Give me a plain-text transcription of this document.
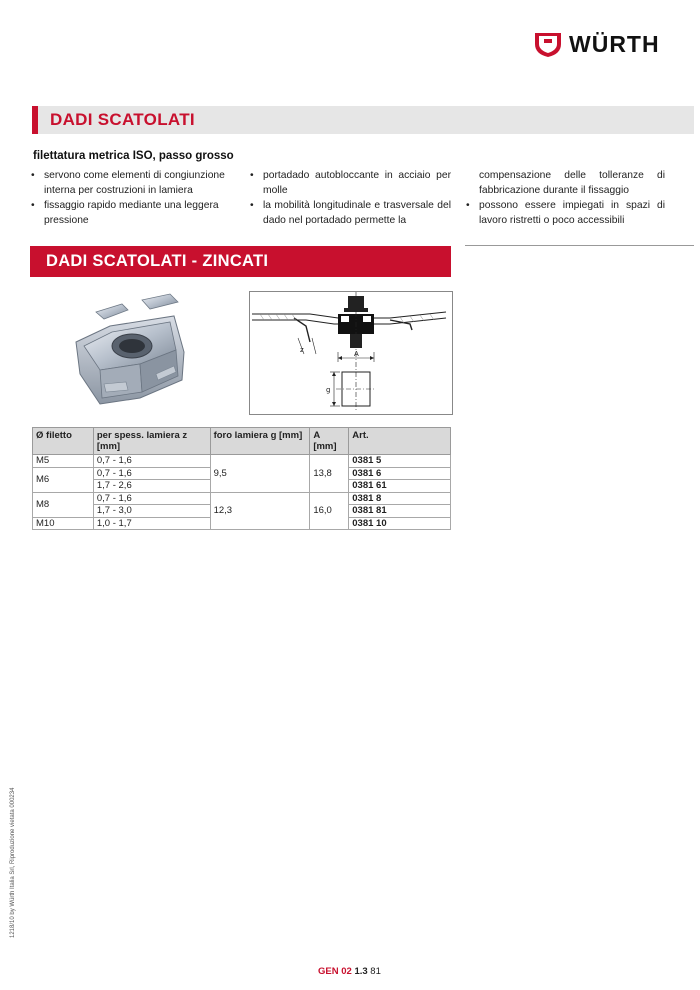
WÜRTH
DADI SCATOLATI
filettatura metrica ISO, passo grosso
• servono come elementi di congiunzione interna per costruzioni in lamiera
• fissaggio rapido mediante una leggera pressione
• portadado autobloccante in acciaio per molle
• la mobilità longitudinale e trasversale del dado nel portadado permette la
compensazione delle tolleranze di fabbricazione durante il fissaggio
• possono essere impiegati in spazi di lavoro ristretti o poco accessibili
DADI SCATOLATI - ZINCATI
A
z
g
Ø filetto	per spess. lamiera z [mm]	foro lamiera g [mm]	A [mm]	Art.
M5	0,7 - 1,6	9,5	13,8	0381 5
M6	0,7 - 1,6			0381 6
	1,7 - 2,6			0381 61
M8	0,7 - 1,6	12,3	16,0	0381 8
	1,7 - 3,0			0381 81
M10	1,0 - 1,7			0381 10
1218/10 by Würth Italia Srl, Riproduzione vietata 000234
GEN 02 1.3 81
